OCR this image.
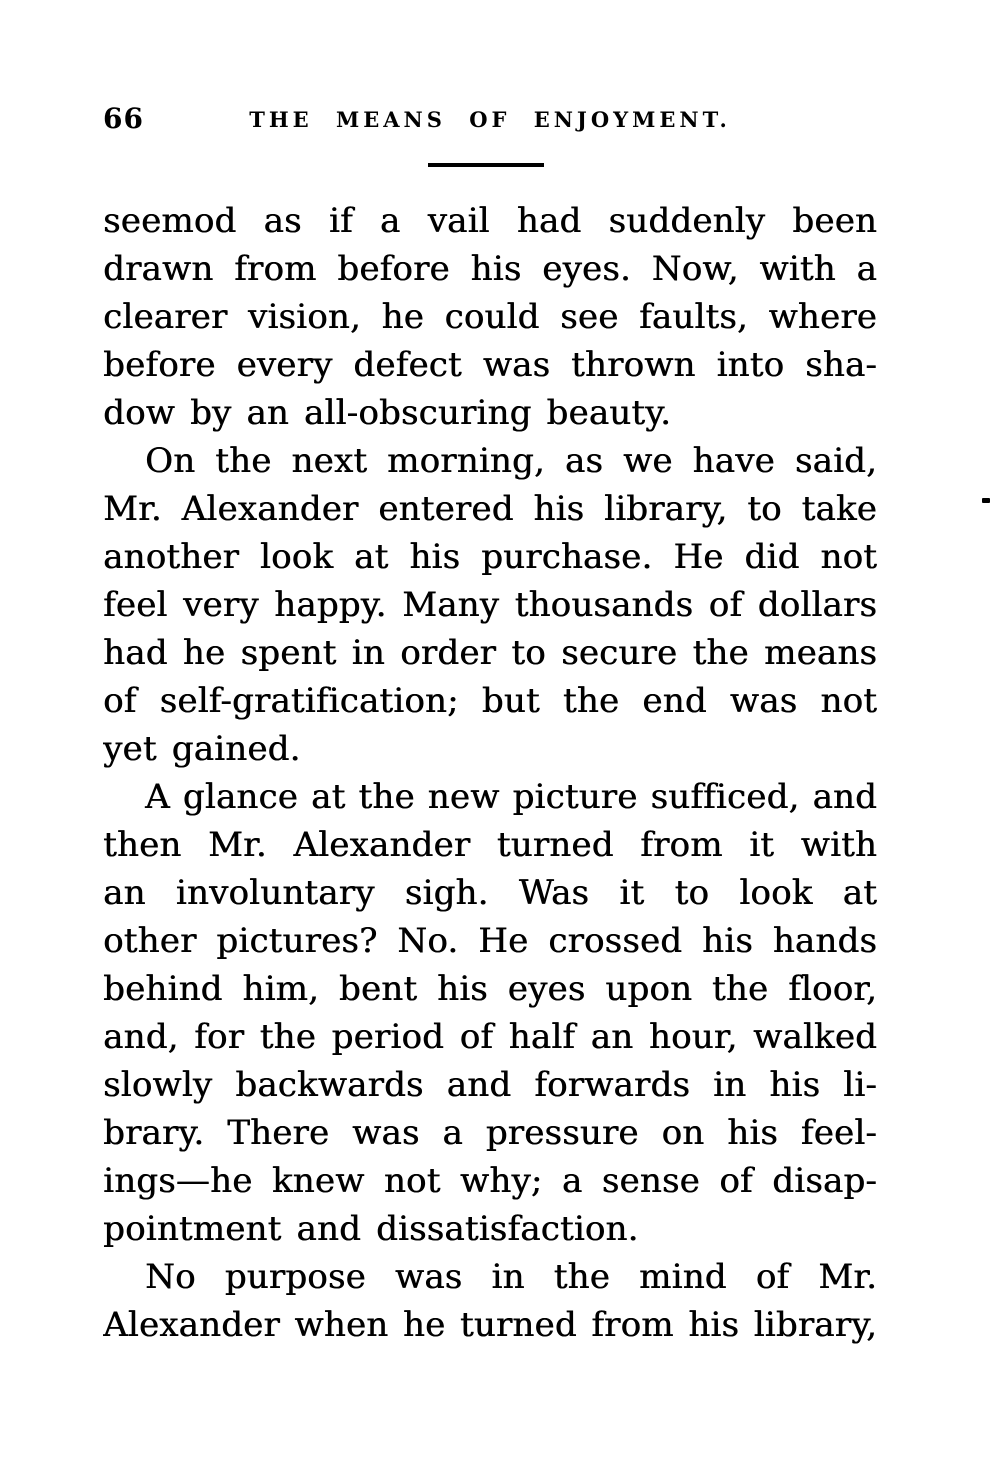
66	THE MEANS OF ENJOYMENT.
seemod as if a vail had suddenly been
drawn from before his eyes. Now, with a
clearer vision, he could see faults, where
before every defect was thrown into sha-
dow by an all-obscuring beauty.
On the next morning, as we have said,
Mr. Alexander entered his library, to take
another look at his purchase. He did not
feel very happy. Many thousands of dollars
had he spent in order to secure the means
of self-gratification; but the end was not
yet gained.
A glance at the new picture sufficed, and
then Mr. Alexander turned from it with
an involuntary sigh. Was it to look at
other pictures? No. He crossed his hands
behind him, bent his eyes upon the floor,
and, for the period of half an hour, walked
slowly backwards and forwards in his li-
brary. There was a pressure on his feel-
ings—he knew not why; a sense of disap-
pointment and dissatisfaction.
No purpose was in the mind of Mr.
Alexander when he turned from his library,
